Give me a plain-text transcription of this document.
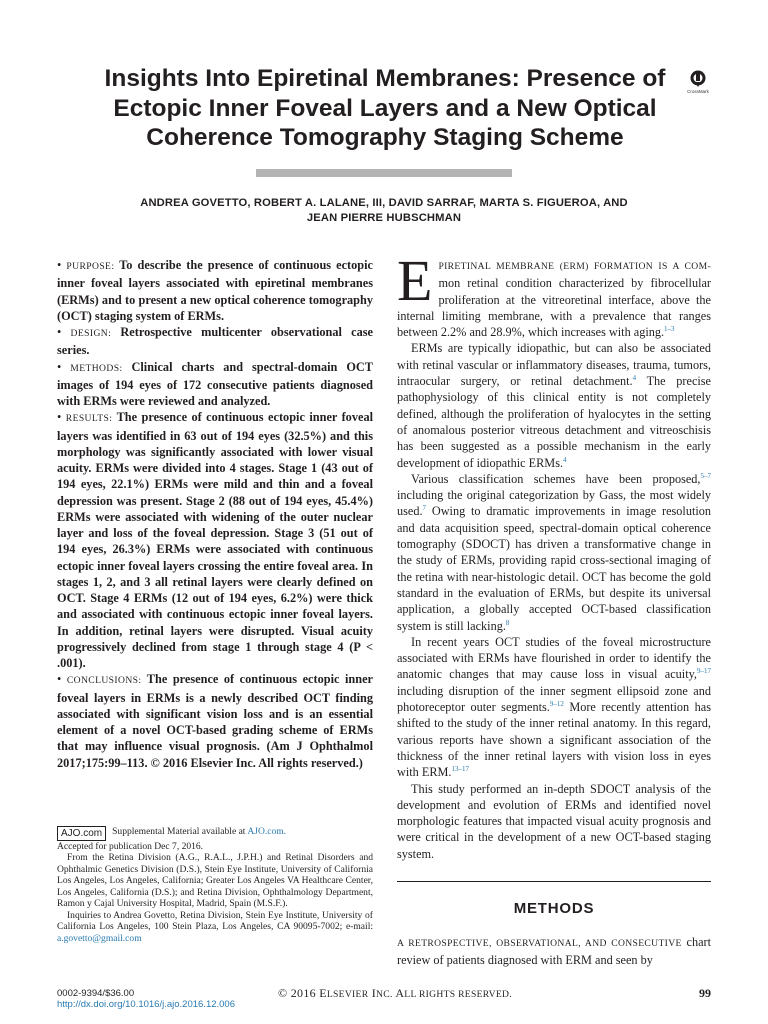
Insights Into Epiretinal Membranes: Presence of
Ectopic Inner Foveal Layers and a New Optical
Coherence Tomography Staging Scheme
CrossMark
ANDREA GOVETTO, ROBERT A. LALANE, III, DAVID SARRAF, MARTA S. FIGUEROA, AND
JEAN PIERRE HUBSCHMAN

• PURPOSE: To describe the presence of continuous ectopic inner foveal layers associated with epiretinal membranes (ERMs) and to present a new optical coherence tomography (OCT) staging system of ERMs.

• DESIGN: Retrospective multicenter observational case series.

• METHODS: Clinical charts and spectral-domain OCT images of 194 eyes of 172 consecutive patients diagnosed with ERMs were reviewed and analyzed.

• RESULTS: The presence of continuous ectopic inner foveal layers was identified in 63 out of 194 eyes (32.5%) and this morphology was significantly associated with lower visual acuity. ERMs were divided into 4 stages. Stage 1 (43 out of 194 eyes, 22.1%) ERMs were mild and thin and a foveal depression was present. Stage 2 (88 out of 194 eyes, 45.4%) ERMs were associated with widening of the outer nuclear layer and loss of the foveal depression. Stage 3 (51 out of 194 eyes, 26.3%) ERMs were associated with continuous ectopic inner foveal layers crossing the entire foveal area. In stages 1, 2, and 3 all retinal layers were clearly defined on OCT. Stage 4 ERMs (12 out of 194 eyes, 6.2%) were thick and associated with continuous ectopic inner foveal layers. In addition, retinal layers were disrupted. Visual acuity progressively declined from stage 1 through stage 4 (P < .001).

• CONCLUSIONS: The presence of continuous ectopic inner foveal layers in ERMs is a newly described OCT finding associated with significant vision loss and is an essential element of a novel OCT-based grading scheme of ERMs that may influence visual prognosis. (Am J Ophthalmol 2017;175:99–113. © 2016 Elsevier Inc. All rights reserved.)

AJO.com Supplemental Material available at AJO.com.

Accepted for publication Dec 7, 2016.

From the Retina Division (A.G., R.A.L., J.P.H.) and Retinal Disorders and Ophthalmic Genetics Division (D.S.), Stein Eye Institute, University of California Los Angeles, Los Angeles, California; Greater Los Angeles VA Healthcare Center, Los Angeles, California (D.S.); and Retina Division, Ophthalmology Department, Ramon y Cajal University Hospital, Madrid, Spain (M.S.F.).

Inquiries to Andrea Govetto, Retina Division, Stein Eye Institute, University of California Los Angeles, 100 Stein Plaza, Los Angeles, CA 90095-7002; e-mail: a.govetto@gmail.com

EPIRETINAL MEMBRANE (ERM) FORMATION IS A COM- mon retinal condition characterized by fibrocellular proliferation at the vitreoretinal interface, above the internal limiting membrane, with a prevalence that ranges between 2.2% and 28.9%, which increases with aging.$^{1-3}$

ERMs are typically idiopathic, but can also be associated with retinal vascular or inflammatory diseases, trauma, tumors, intraocular surgery, or retinal detachment.$^4$ The precise pathophysiology of this clinical entity is not completely defined, although the proliferation of hyalocytes in the setting of anomalous posterior vitreous detachment and vitreoschisis has been suggested as a possible mechanism in the early development of idiopathic ERMs.$^4$

Various classification schemes have been proposed,$^{5-7}$ including the original categorization by Gass, the most widely used.$^7$ Owing to dramatic improvements in image resolution and data acquisition speed, spectral-domain optical coherence tomography (SDOCT) has driven a transformative change in the study of ERMs, providing rapid cross-sectional imaging of the retina with near-histologic detail. OCT has become the gold standard in the evaluation of ERMs, but despite its universal application, a globally accepted OCT-based classification system is still lacking.$^8$

In recent years OCT studies of the foveal microstructure associated with ERMs have flourished in order to identify the anatomic changes that may cause loss in visual acuity,$^{9-17}$ including disruption of the inner segment ellipsoid zone and photoreceptor outer segments.$^{9-12}$ More recently attention has shifted to the study of the inner retinal anatomy. In this regard, various reports have shown a significant association of the thickness of the inner retinal layers with vision loss in eyes with ERM.$^{13-17}$

This study performed an in-depth SDOCT analysis of the development and evolution of ERMs and identified novel morphologic features that impacted visual acuity prognosis and were critical in the development of a new OCT-based staging system.

METHODS

A RETROSPECTIVE, OBSERVATIONAL, AND CONSECUTIVE chart review of patients diagnosed with ERM and seen by

0002-9394/$36.00
http://dx.doi.org/10.1016/j.ajo.2016.12.006
© 2016 ELSEVIER INC. ALL RIGHTS RESERVED.	99
